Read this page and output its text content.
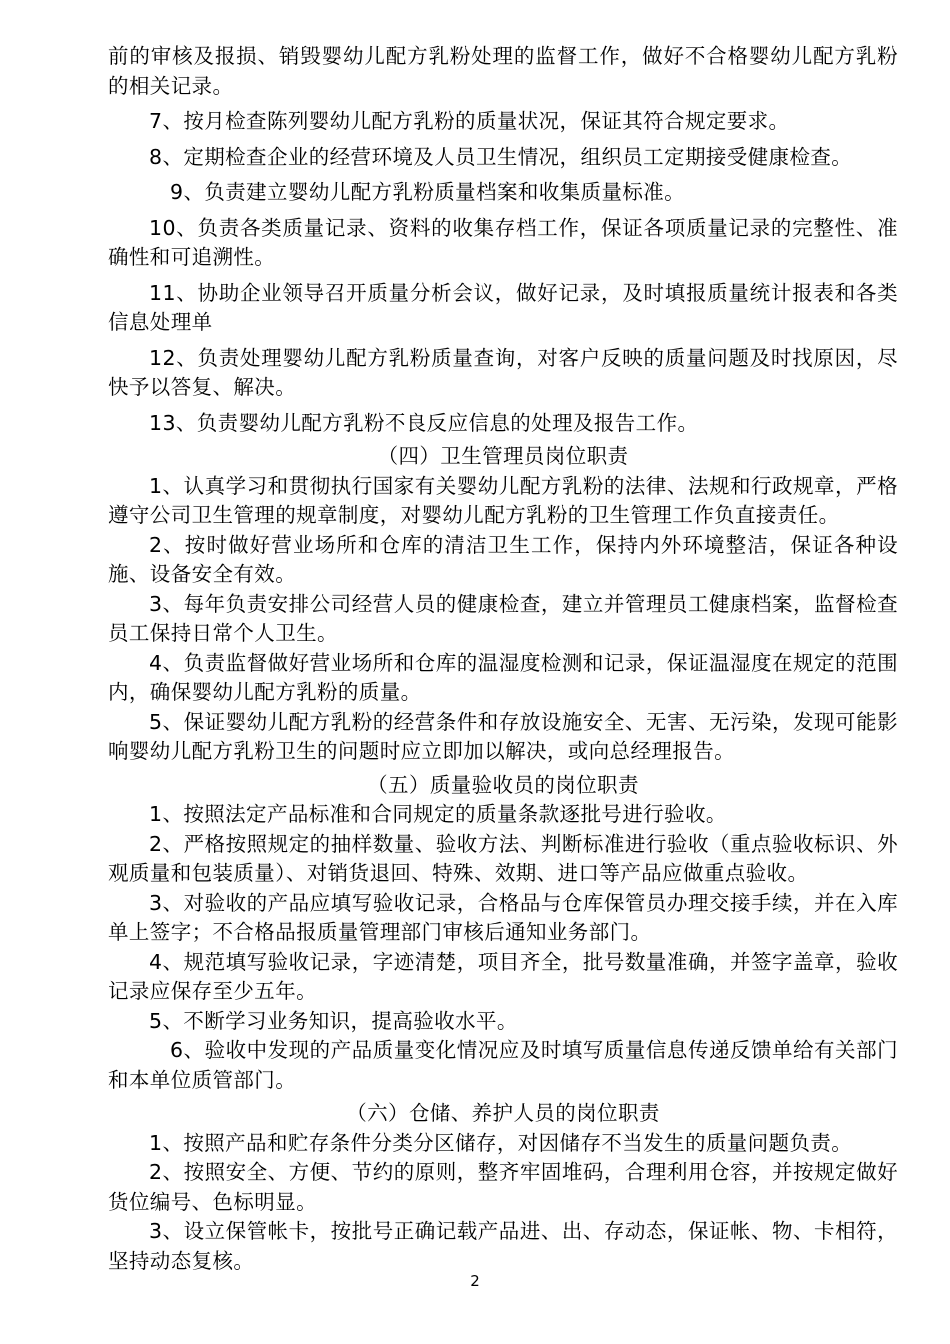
前的审核及报损、销毁婴幼儿配方乳粉处理的监督工作，做好不合格婴幼儿配方乳粉的相关记录。

7、按月检查陈列婴幼儿配方乳粉的质量状况，保证其符合规定要求。

8、定期检查企业的经营环境及人员卫生情况，组织员工定期接受健康检查。

9、负责建立婴幼儿配方乳粉质量档案和收集质量标准。

10、负责各类质量记录、资料的收集存档工作，保证各项质量记录的完整性、准确性和可追溯性。

11、协助企业领导召开质量分析会议，做好记录，及时填报质量统计报表和各类信息处理单

12、负责处理婴幼儿配方乳粉质量查询，对客户反映的质量问题及时找原因，尽快予以答复、解决。

13、负责婴幼儿配方乳粉不良反应信息的处理及报告工作。

（四）卫生管理员岗位职责

1、认真学习和贯彻执行国家有关婴幼儿配方乳粉的法律、法规和行政规章，严格遵守公司卫生管理的规章制度，对婴幼儿配方乳粉的卫生管理工作负直接责任。

2、按时做好营业场所和仓库的清洁卫生工作，保持内外环境整洁，保证各种设施、设备安全有效。

3、每年负责安排公司经营人员的健康检查，建立并管理员工健康档案，监督检查员工保持日常个人卫生。

4、负责监督做好营业场所和仓库的温湿度检测和记录，保证温湿度在规定的范围内，确保婴幼儿配方乳粉的质量。

5、保证婴幼儿配方乳粉的经营条件和存放设施安全、无害、无污染，发现可能影响婴幼儿配方乳粉卫生的问题时应立即加以解决，或向总经理报告。

（五）质量验收员的岗位职责

1、按照法定产品标准和合同规定的质量条款逐批号进行验收。

2、严格按照规定的抽样数量、验收方法、判断标准进行验收（重点验收标识、外观质量和包装质量）、对销货退回、特殊、效期、进口等产品应做重点验收。

3、对验收的产品应填写验收记录，合格品与仓库保管员办理交接手续，并在入库单上签字；不合格品报质量管理部门审核后通知业务部门。

4、规范填写验收记录，字迹清楚，项目齐全，批号数量准确，并签字盖章，验收记录应保存至少五年。

5、不断学习业务知识，提高验收水平。

6、验收中发现的产品质量变化情况应及时填写质量信息传递反馈单给有关部门和本单位质管部门。

（六）仓储、养护人员的岗位职责

1、按照产品和贮存条件分类分区储存，对因储存不当发生的质量问题负责。

2、按照安全、方便、节约的原则，整齐牢固堆码，合理利用仓容，并按规定做好货位编号、色标明显。

3、设立保管帐卡，按批号正确记载产品进、出、存动态，保证帐、物、卡相符，坚持动态复核。

2
